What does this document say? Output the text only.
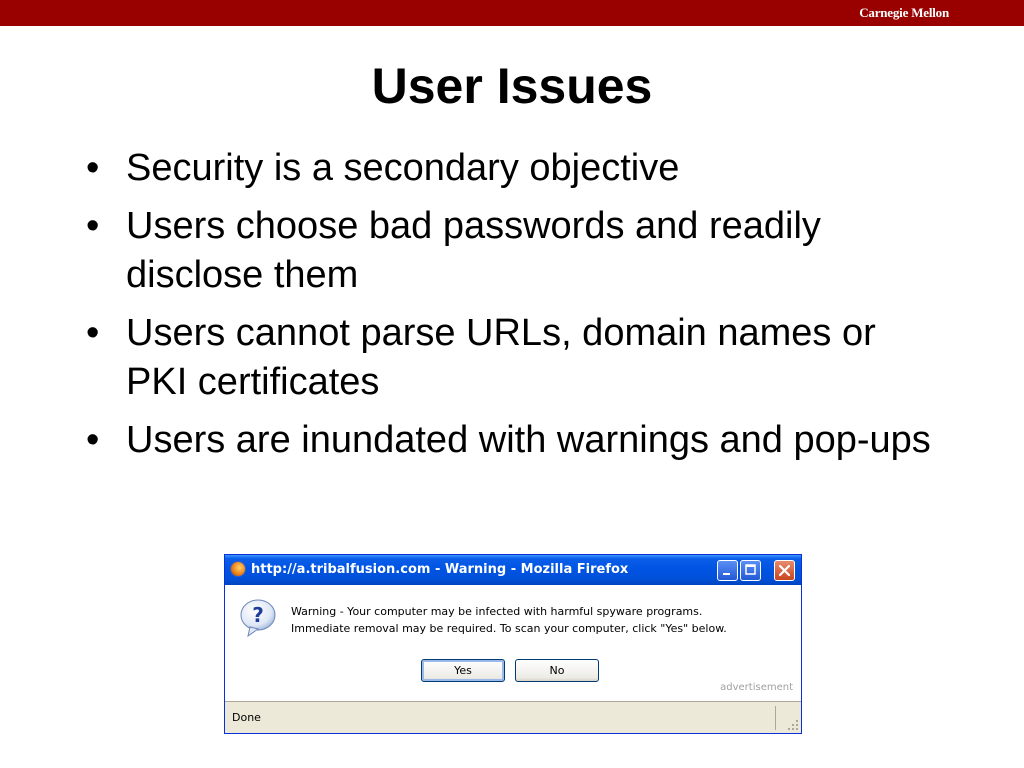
Carnegie Mellon
User Issues
• Security is a secondary objective
• Users choose bad passwords and readily disclose them
• Users cannot parse URLs, domain names or PKI certificates
• Users are inundated with warnings and pop-ups
http://a.tribalfusion.com - Warning - Mozilla Firefox
? Warning - Your computer may be infected with harmful spyware programs.
Immediate removal may be required. To scan your computer, click "Yes" below.
Yes	No
advertisement
Done
